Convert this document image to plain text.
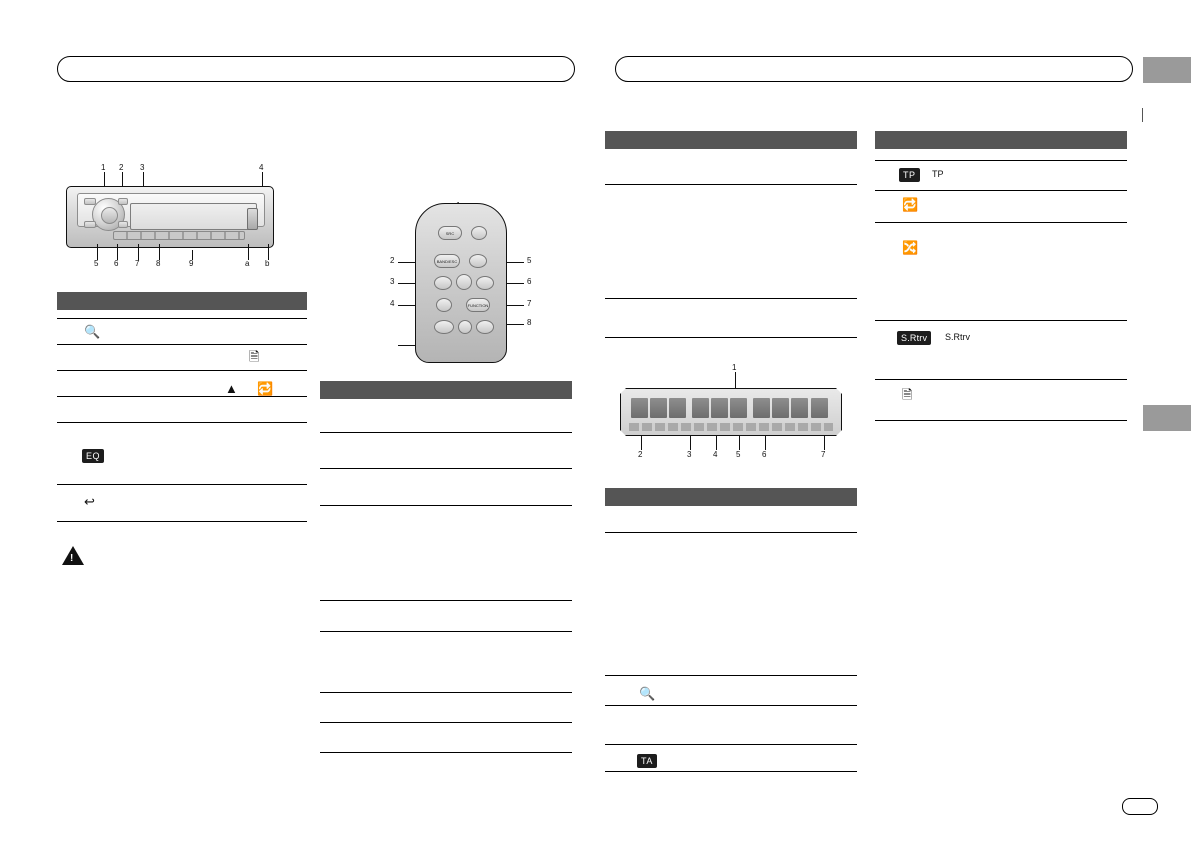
1 2 3	4
5 6 7 8	9	a b
🔍
🗎
▲ 🔁
EQ
↩
!
SRC
BAND/ESC
FUNCTION
2
3
4
5
6
7
8
1
2	3	4 5	6	7
🔍
TA
TP	TP
🔁
🔀
S.Rtrv	S.Rtrv
🗎
